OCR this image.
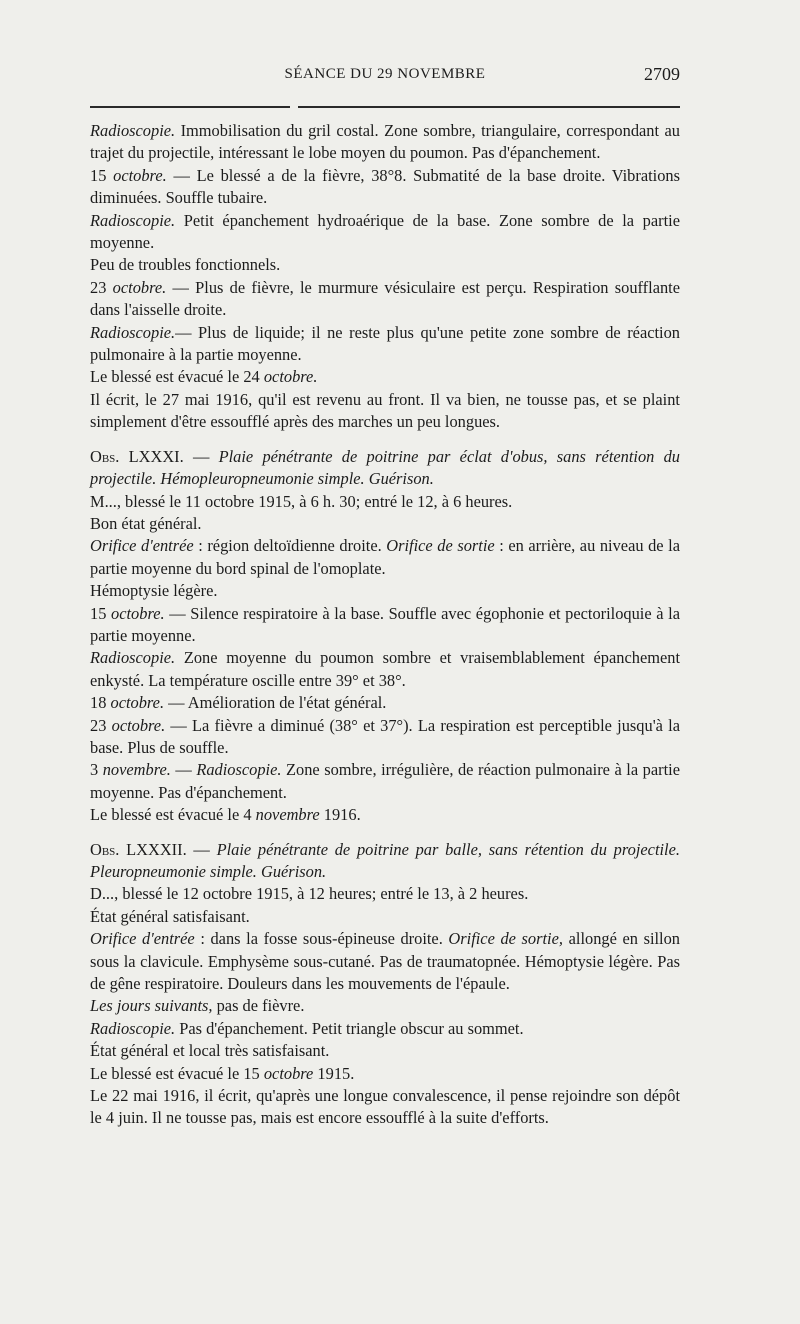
SÉANCE DU 29 NOVEMBRE	2709

Radioscopie. Immobilisation du gril costal. Zone sombre, triangulaire, correspondant au trajet du projectile, intéressant le lobe moyen du poumon. Pas d'épanchement.

15 octobre. — Le blessé a de la fièvre, 38°8. Submatité de la base droite. Vibrations diminuées. Souffle tubaire.

Radioscopie. Petit épanchement hydroaérique de la base. Zone sombre de la partie moyenne.

Peu de troubles fonctionnels.

23 octobre. — Plus de fièvre, le murmure vésiculaire est perçu. Respiration soufflante dans l'aisselle droite.

Radioscopie.— Plus de liquide; il ne reste plus qu'une petite zone sombre de réaction pulmonaire à la partie moyenne.

Le blessé est évacué le 24 octobre.

Il écrit, le 27 mai 1916, qu'il est revenu au front. Il va bien, ne tousse pas, et se plaint simplement d'être essoufflé après des marches un peu longues.

Obs. LXXXI. — Plaie pénétrante de poitrine par éclat d'obus, sans rétention du projectile. Hémopleuropneumonie simple. Guérison.

M..., blessé le 11 octobre 1915, à 6 h. 30; entré le 12, à 6 heures.

Bon état général.

Orifice d'entrée : région deltoïdienne droite. Orifice de sortie : en arrière, au niveau de la partie moyenne du bord spinal de l'omoplate.

Hémoptysie légère.

15 octobre. — Silence respiratoire à la base. Souffle avec égophonie et pectoriloquie à la partie moyenne.

Radioscopie. Zone moyenne du poumon sombre et vraisemblablement épanchement enkysté. La température oscille entre 39° et 38°.

18 octobre. — Amélioration de l'état général.

23 octobre. — La fièvre a diminué (38° et 37°). La respiration est perceptible jusqu'à la base. Plus de souffle.

3 novembre. — Radioscopie. Zone sombre, irrégulière, de réaction pulmonaire à la partie moyenne. Pas d'épanchement.

Le blessé est évacué le 4 novembre 1916.

Obs. LXXXII. — Plaie pénétrante de poitrine par balle, sans rétention du projectile. Pleuropneumonie simple. Guérison.

D..., blessé le 12 octobre 1915, à 12 heures; entré le 13, à 2 heures.

État général satisfaisant.

Orifice d'entrée : dans la fosse sous-épineuse droite. Orifice de sortie, allongé en sillon sous la clavicule. Emphysème sous-cutané. Pas de traumatopnée. Hémoptysie légère. Pas de gêne respiratoire. Douleurs dans les mouvements de l'épaule.

Les jours suivants, pas de fièvre.

Radioscopie. Pas d'épanchement. Petit triangle obscur au sommet.

État général et local très satisfaisant.

Le blessé est évacué le 15 octobre 1915.

Le 22 mai 1916, il écrit, qu'après une longue convalescence, il pense rejoindre son dépôt le 4 juin. Il ne tousse pas, mais est encore essoufflé à la suite d'efforts.
